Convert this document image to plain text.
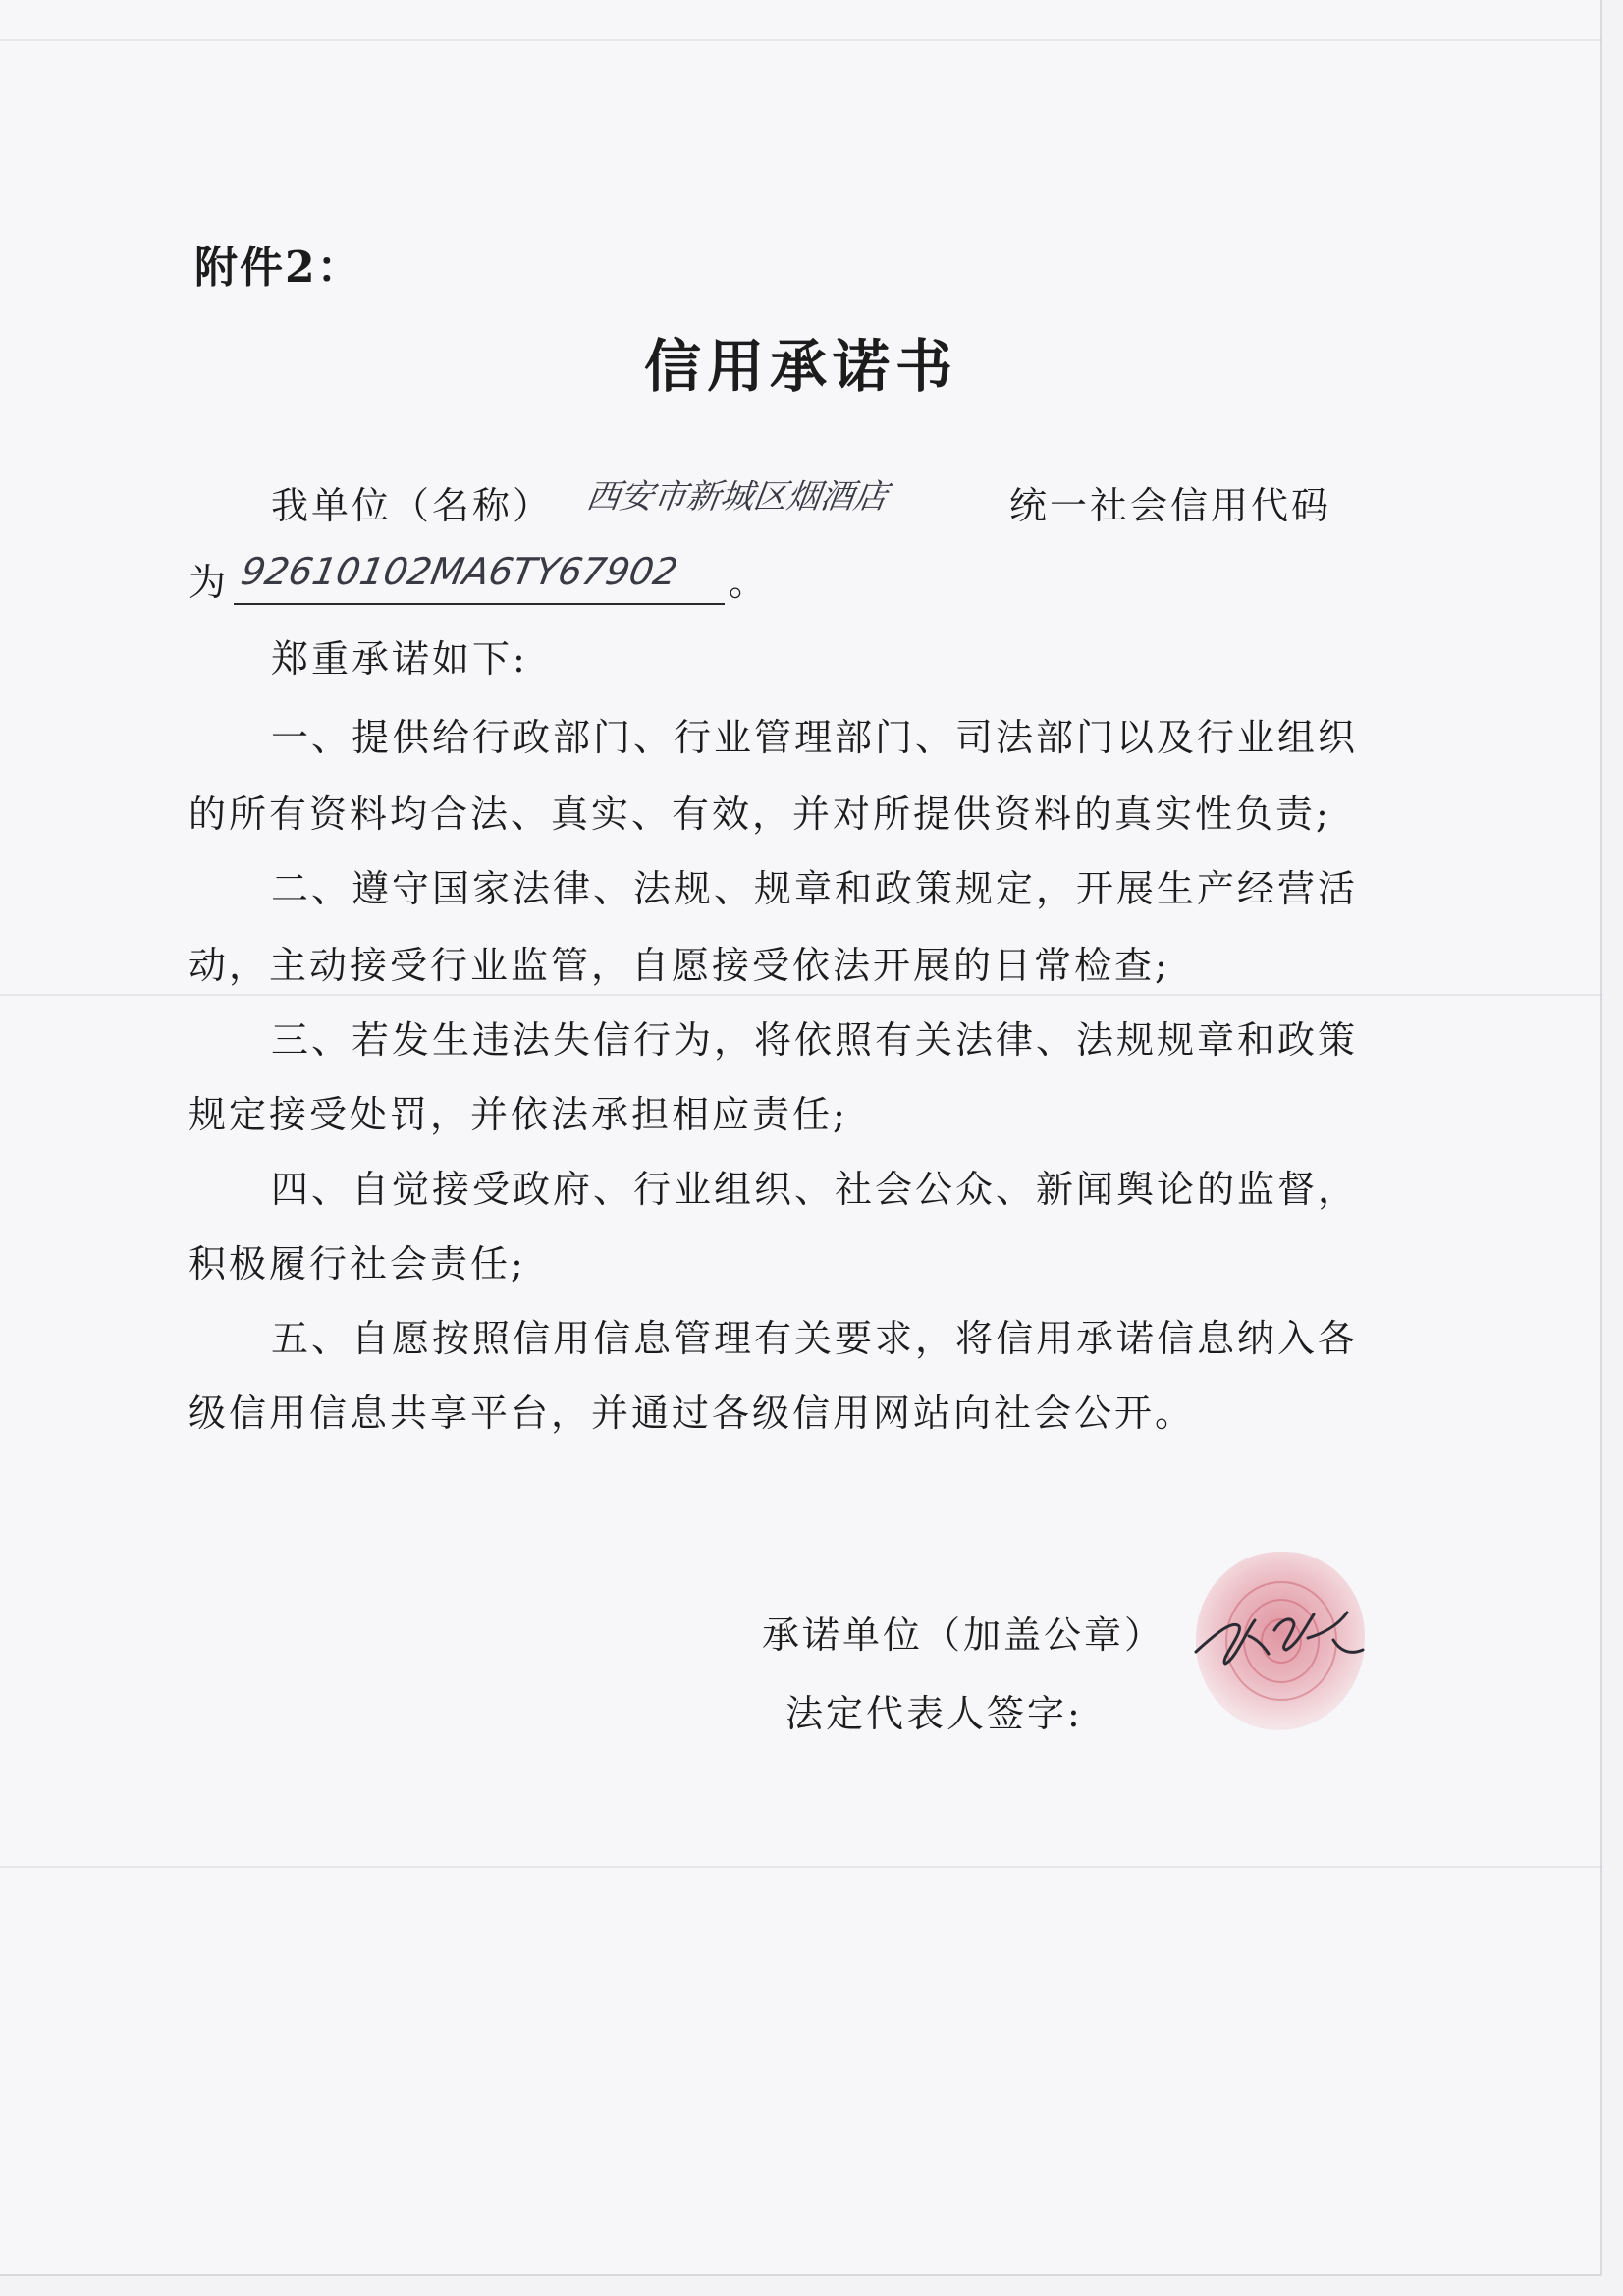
附件2：
信用承诺书
我单位（名称） 西安市新城区烟酒店	统一社会信用代码
为 92610102MA6TY67902 。
郑重承诺如下:
一、提供给行政部门、行业管理部门、司法部门以及行业组织
的所有资料均合法、真实、有效，并对所提供资料的真实性负责;
二、遵守国家法律、法规、规章和政策规定，开展生产经营活
动，主动接受行业监管，自愿接受依法开展的日常检查;
三、若发生违法失信行为，将依照有关法律、法规规章和政策
规定接受处罚，并依法承担相应责任;
四、自觉接受政府、行业组织、社会公众、新闻舆论的监督，
积极履行社会责任;
五、自愿按照信用信息管理有关要求，将信用承诺信息纳入各
级信用信息共享平台，并通过各级信用网站向社会公开。
承诺单位（加盖公章）
法定代表人签字:
